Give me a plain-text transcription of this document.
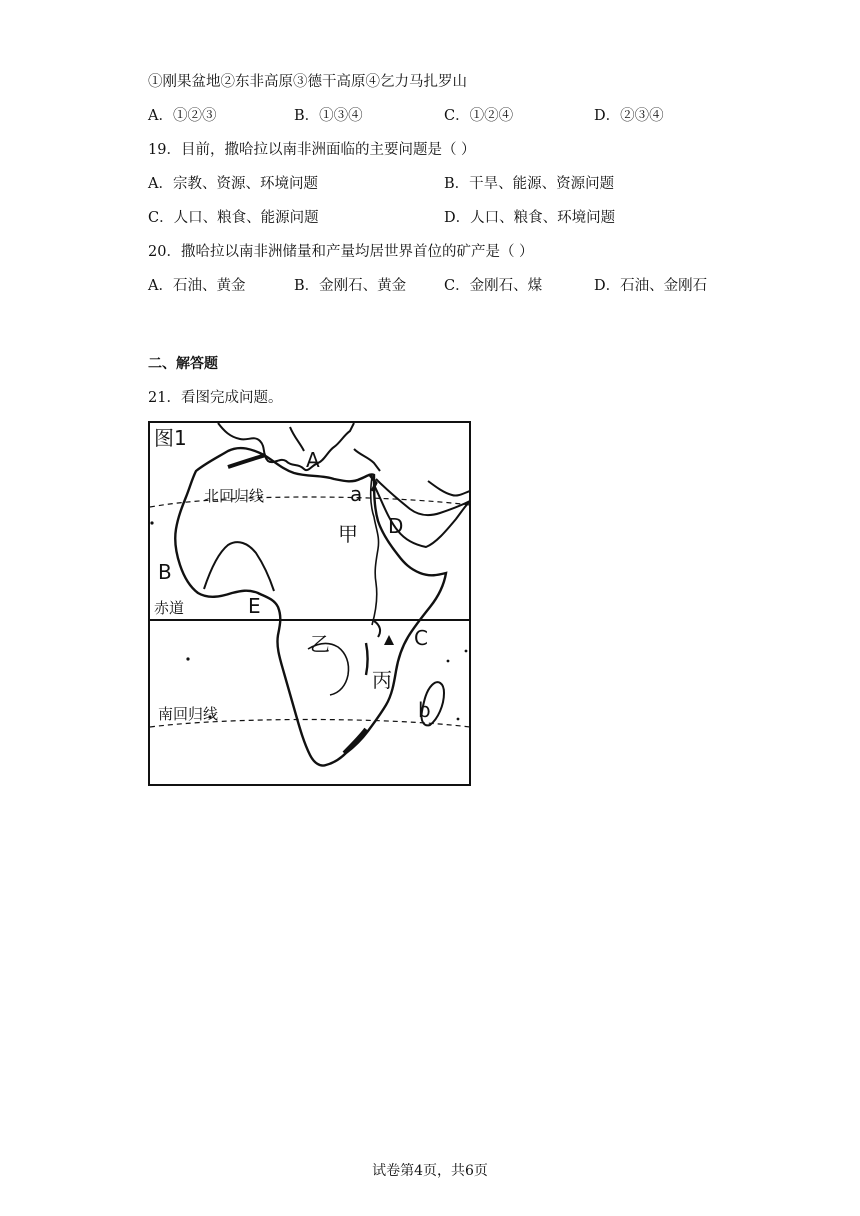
①刚果盆地②东非高原③德干高原④乞力马扎罗山
A．①②③	B．①③④	C．①②④	D．②③④
19．目前，撒哈拉以南非洲面临的主要问题是（ ）
A．宗教、资源、环境问题	B．干旱、能源、资源问题
C．人口、粮食、能源问题	D．人口、粮食、环境问题
20．撒哈拉以南非洲储量和产量均居世界首位的矿产是（ ）
A．石油、黄金	B．金刚石、黄金	C．金刚石、煤	D．石油、金刚石
二、解答题
21．看图完成问题。
图1
北回归线
赤道
南回归线
A
B
C
D
E
a
b
甲
乙
丙
试卷第4页，共6页
